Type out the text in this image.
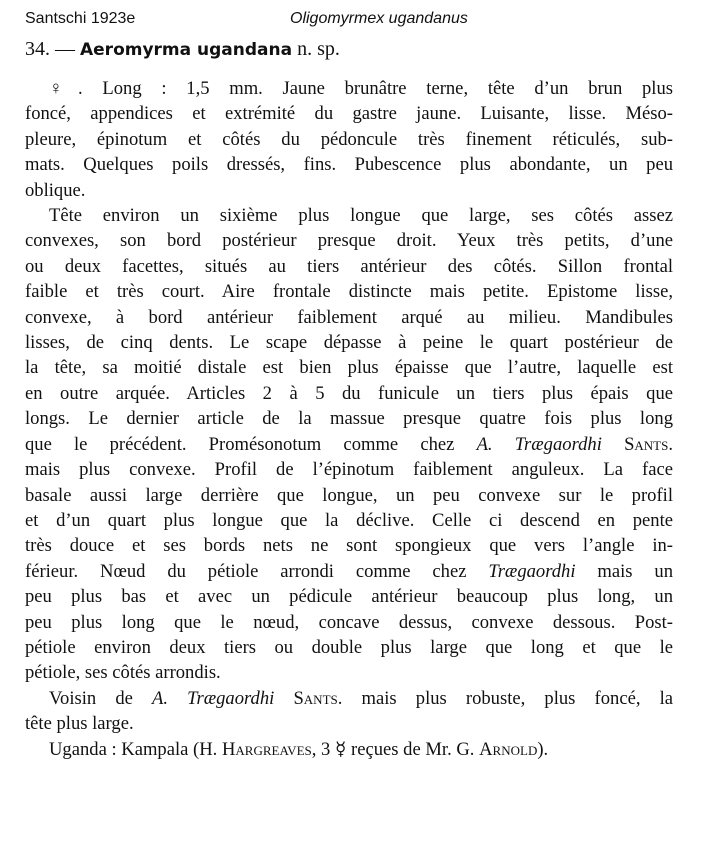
Santschi 1923e	Oligomyrmex ugandanus
34. — Aeromyrma ugandana n. sp.
♀. Long : 1,5 mm. Jaune brunâtre terne, tête d’un brun plus
foncé, appendices et extrémité du gastre jaune. Luisante, lisse. Méso-
pleure, épinotum et côtés du pédoncule très finement réticulés, sub-
mats. Quelques poils dressés, fins. Pubescence plus abondante, un peu
oblique.
Tête environ un sixième plus longue que large, ses côtés assez
convexes, son bord postérieur presque droit. Yeux très petits, d’une
ou deux facettes, situés au tiers antérieur des côtés. Sillon frontal
faible et très court. Aire frontale distincte mais petite. Epistome lisse,
convexe, à bord antérieur faiblement arqué au milieu. Mandibules
lisses, de cinq dents. Le scape dépasse à peine le quart postérieur de
la tête, sa moitié distale est bien plus épaisse que l’autre, laquelle est
en outre arquée. Articles 2 à 5 du funicule un tiers plus épais que
longs. Le dernier article de la massue presque quatre fois plus long
que le précédent. Promésonotum comme chez A. Trægaordhi Sants.
mais plus convexe. Profil de l’épinotum faiblement anguleux. La face
basale aussi large derrière que longue, un peu convexe sur le profil
et d’un quart plus longue que la déclive. Celle ci descend en pente
très douce et ses bords nets ne sont spongieux que vers l’angle in-
férieur. Nœud du pétiole arrondi comme chez Trægaordhi mais un
peu plus bas et avec un pédicule antérieur beaucoup plus long, un
peu plus long que le nœud, concave dessus, convexe dessous. Post-
pétiole environ deux tiers ou double plus large que long et que le
pétiole, ses côtés arrondis.
Voisin de A. Trægaordhi Sants. mais plus robuste, plus foncé, la
tête plus large.
Uganda : Kampala (H. Hargreaves, 3 ☿ reçues de Mr. G. Arnold).
